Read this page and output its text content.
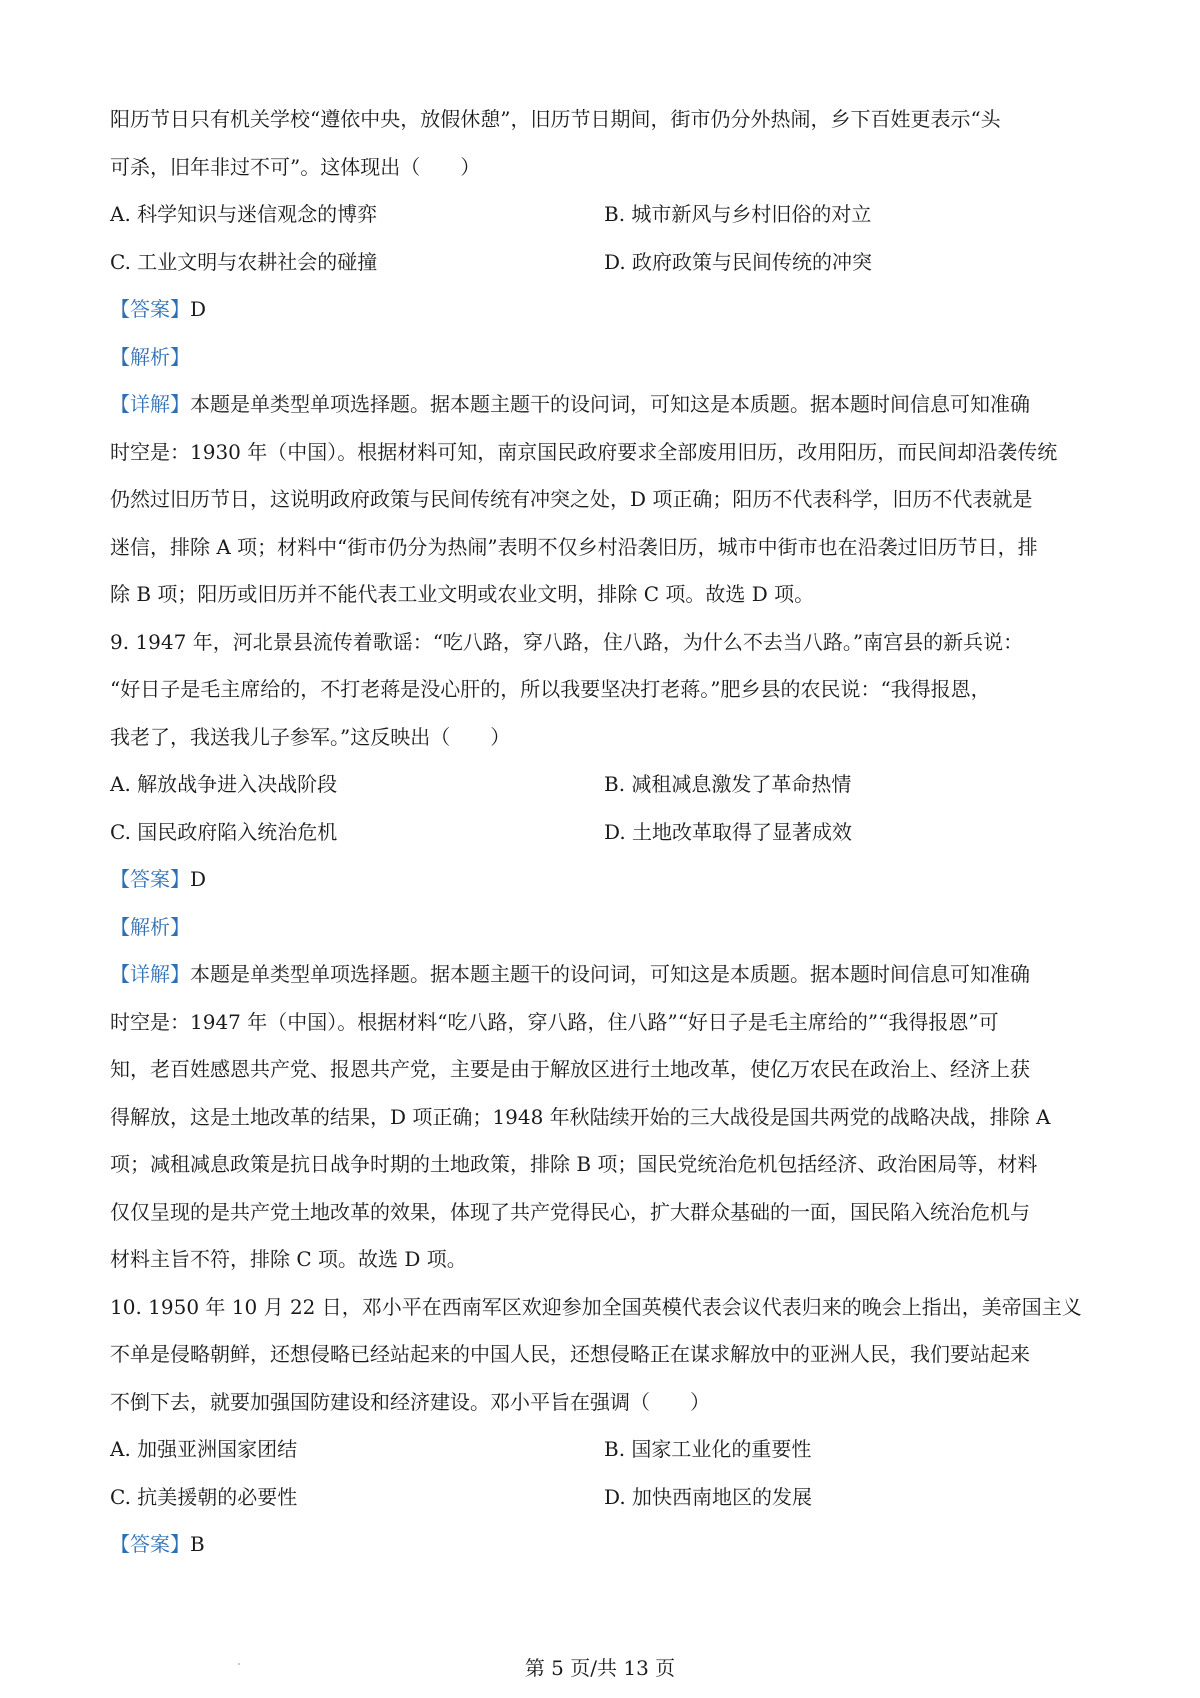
阳历节日只有机关学校“遵依中央，放假休憩”，旧历节日期间，街市仍分外热闹，乡下百姓更表示“头
可杀，旧年非过不可”。这体现出（　　）
A. 科学知识与迷信观念的博弈	B. 城市新风与乡村旧俗的对立
C. 工业文明与农耕社会的碰撞	D. 政府政策与民间传统的冲突
【答案】D
【解析】
【详解】本题是单类型单项选择题。据本题主题干的设问词，可知这是本质题。据本题时间信息可知准确
时空是：1930 年（中国）。根据材料可知，南京国民政府要求全部废用旧历，改用阳历，而民间却沿袭传统
仍然过旧历节日，这说明政府政策与民间传统有冲突之处，D 项正确；阳历不代表科学，旧历不代表就是
迷信，排除 A 项；材料中“街市仍分为热闹”表明不仅乡村沿袭旧历，城市中街市也在沿袭过旧历节日，排
除 B 项；阳历或旧历并不能代表工业文明或农业文明，排除 C 项。故选 D 项。
9. 1947 年，河北景县流传着歌谣：“吃八路，穿八路，住八路，为什么不去当八路。”南宫县的新兵说：
“好日子是毛主席给的，不打老蒋是没心肝的，所以我要坚决打老蒋。”肥乡县的农民说：“我得报恩，
我老了，我送我儿子参军。”这反映出（　　）
A. 解放战争进入决战阶段	B. 减租减息激发了革命热情
C. 国民政府陷入统治危机	D. 土地改革取得了显著成效
【答案】D
【解析】
【详解】本题是单类型单项选择题。据本题主题干的设问词，可知这是本质题。据本题时间信息可知准确
时空是：1947 年（中国）。根据材料“吃八路，穿八路，住八路”“好日子是毛主席给的”“我得报恩”可
知，老百姓感恩共产党、报恩共产党，主要是由于解放区进行土地改革，使亿万农民在政治上、经济上获
得解放，这是土地改革的结果，D 项正确；1948 年秋陆续开始的三大战役是国共两党的战略决战，排除 A
项；减租减息政策是抗日战争时期的土地政策，排除 B 项；国民党统治危机包括经济、政治困局等，材料
仅仅呈现的是共产党土地改革的效果，体现了共产党得民心，扩大群众基础的一面，国民陷入统治危机与
材料主旨不符，排除 C 项。故选 D 项。
10. 1950 年 10 月 22 日，邓小平在西南军区欢迎参加全国英模代表会议代表归来的晚会上指出，美帝国主义
不单是侵略朝鲜，还想侵略已经站起来的中国人民，还想侵略正在谋求解放中的亚洲人民，我们要站起来
不倒下去，就要加强国防建设和经济建设。邓小平旨在强调（　　）
A. 加强亚洲国家团结	B. 国家工业化的重要性
C. 抗美援朝的必要性	D. 加快西南地区的发展
【答案】B
第 5 页/共 13 页
